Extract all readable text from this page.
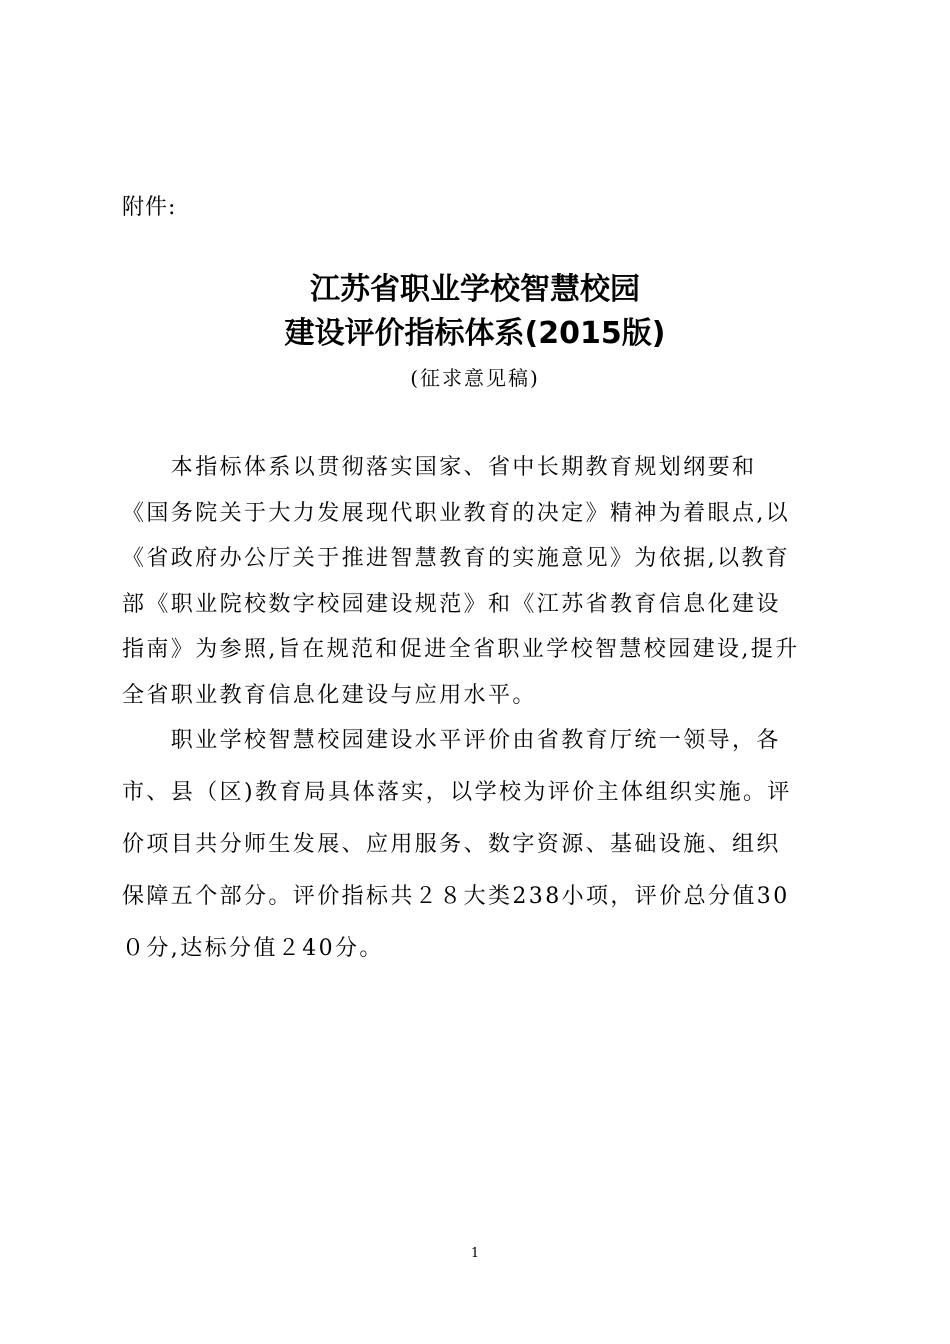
附件:
江苏省职业学校智慧校园
建设评价指标体系(2015版)
(征求意见稿)
　　本指标体系以贯彻落实国家、省中长期教育规划纲要和
《国务院关于大力发展现代职业教育的决定》精神为着眼点,以
《省政府办公厅关于推进智慧教育的实施意见》为依据,以教育
部《职业院校数字校园建设规范》和《江苏省教育信息化建设
指南》为参照,旨在规范和促进全省职业学校智慧校园建设,提升
全省职业教育信息化建设与应用水平。
　　职业学校智慧校园建设水平评价由省教育厅统一领导，各
市、县（区)教育局具体落实，以学校为评价主体组织实施。评
价项目共分师生发展、应用服务、数字资源、基础设施、组织
保障五个部分。评价指标共２８大类238小项，评价总分值30
０分,达标分值２40分。
1
